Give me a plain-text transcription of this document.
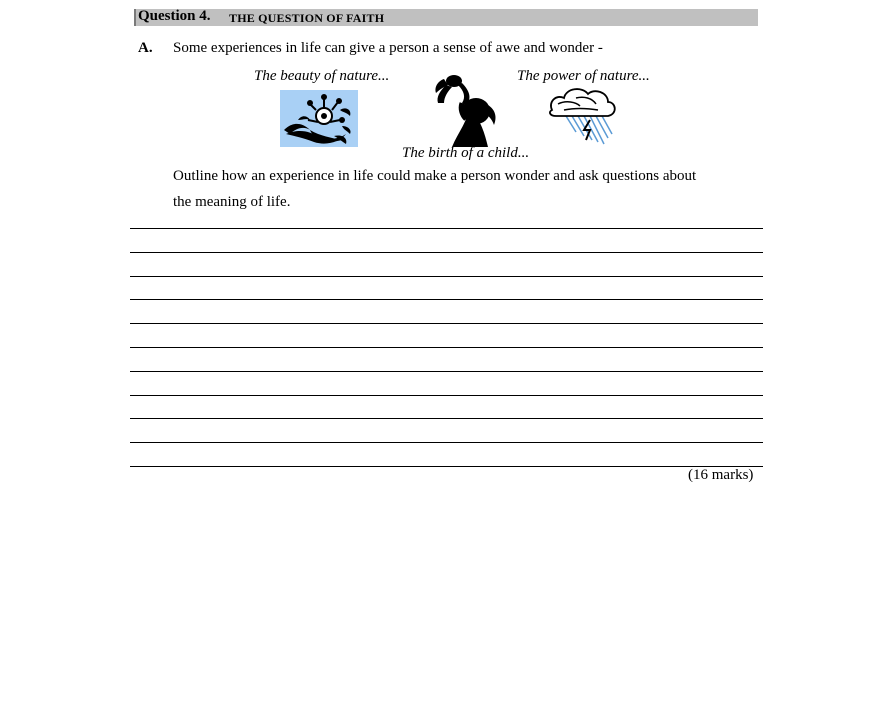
Question 4. THE QUESTION OF FAITH
A. Some experiences in life can give a person a sense of awe and wonder -
The beauty of nature...	The power of nature...
The birth of a child...
Outline how an experience in life could make a person wonder and ask questions about
the meaning of life.
(16 marks)
